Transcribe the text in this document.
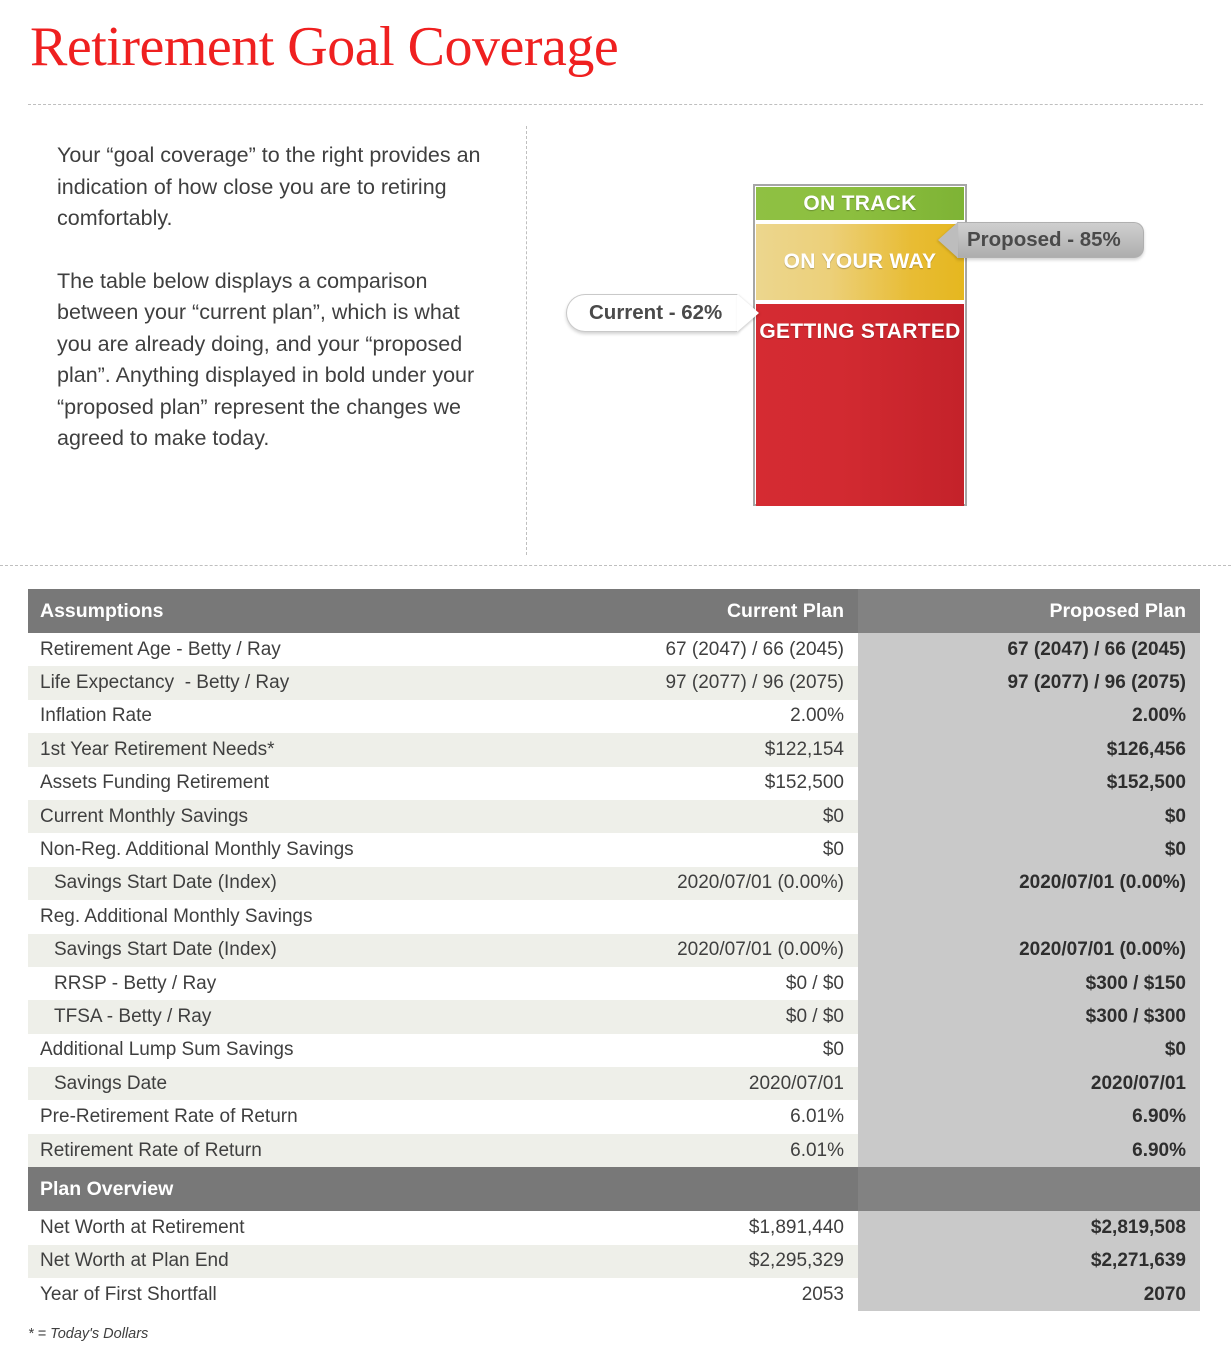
Retirement Goal Coverage

Your “goal coverage” to the right provides an indication of how close you are to retiring comfortably.

The table below displays a comparison between your “current plan”, which is what you are already doing, and your “proposed plan”. Anything displayed in bold under your “proposed plan” represent the changes we agreed to make today.

ON TRACK
ON YOUR WAY
GETTING STARTED
Current - 62%
Proposed - 85%
Assumptions	Current Plan	Proposed Plan
Retirement Age - Betty / Ray	67 (2047) / 66 (2045)	67 (2047) / 66 (2045)
Life Expectancy  - Betty / Ray	97 (2077) / 96 (2075)	97 (2077) / 96 (2075)
Inflation Rate	2.00%	2.00%
1st Year Retirement Needs*	$122,154	$126,456
Assets Funding Retirement	$152,500	$152,500
Current Monthly Savings	$0	$0
Non-Reg. Additional Monthly Savings	$0	$0
Savings Start Date (Index)	2020/07/01 (0.00%)	2020/07/01 (0.00%)
Reg. Additional Monthly Savings
Savings Start Date (Index)	2020/07/01 (0.00%)	2020/07/01 (0.00%)
RRSP - Betty / Ray	$0 / $0	$300 / $150
TFSA - Betty / Ray	$0 / $0	$300 / $300
Additional Lump Sum Savings	$0	$0
Savings Date	2020/07/01	2020/07/01
Pre-Retirement Rate of Return	6.01%	6.90%
Retirement Rate of Return	6.01%	6.90%
Plan Overview
Net Worth at Retirement	$1,891,440	$2,819,508
Net Worth at Plan End	$2,295,329	$2,271,639
Year of First Shortfall	2053	2070
* = Today's Dollars
